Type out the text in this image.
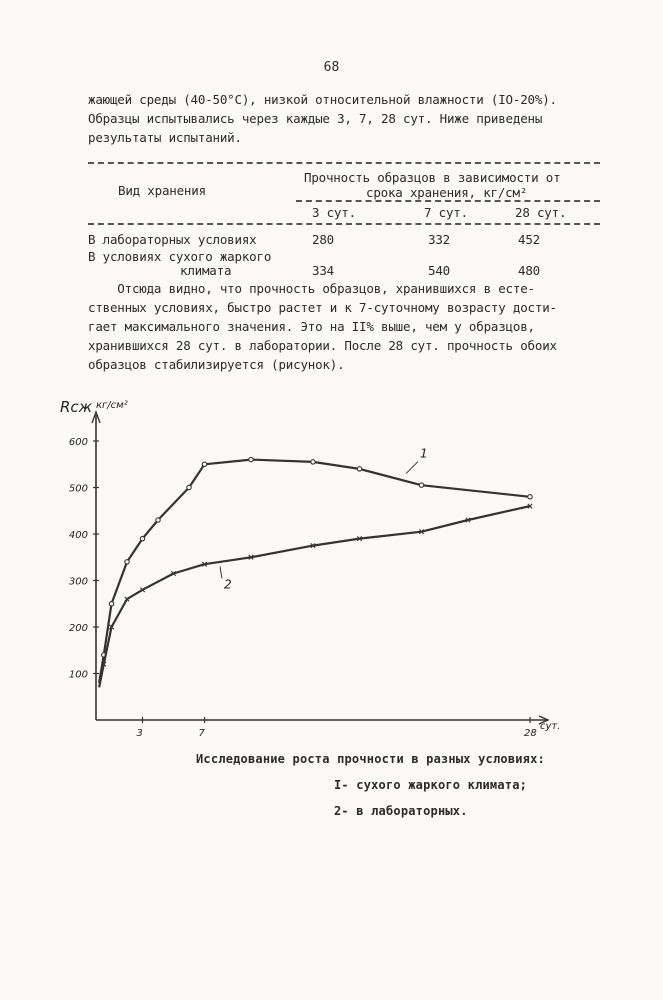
68
жающей среды (40-50°С), низкой относительной влажности (IO-20%).
Образцы испытывались через каждые 3, 7, 28 сут. Ниже приведены
результаты испытаний.
Вид хранения
Прочность образцов в зависимости от
срока хранения, кг/см²
3 сут.	7 сут.	28 сут.
В лабораторных условиях	280	332	452
В условиях сухого жаркого
климата	334	540	480
Отсюда видно, что прочность образцов, хранившихся в есте-
ственных условиях, быстро растет и к 7-суточному возрасту дости-
гает максимального значения. Это на II% выше, чем у образцов,
хранившихся 28 сут. в лаборатории. После 28 сут. прочность обоих
образцов стабилизируется (рисунок).
100
200
300
400
500
600
3	7	28
1
2
Rсж кг/см²
сут.
Исследование роста прочности в разных условиях:
I- сухого жаркого климата;
2- в лабораторных.
